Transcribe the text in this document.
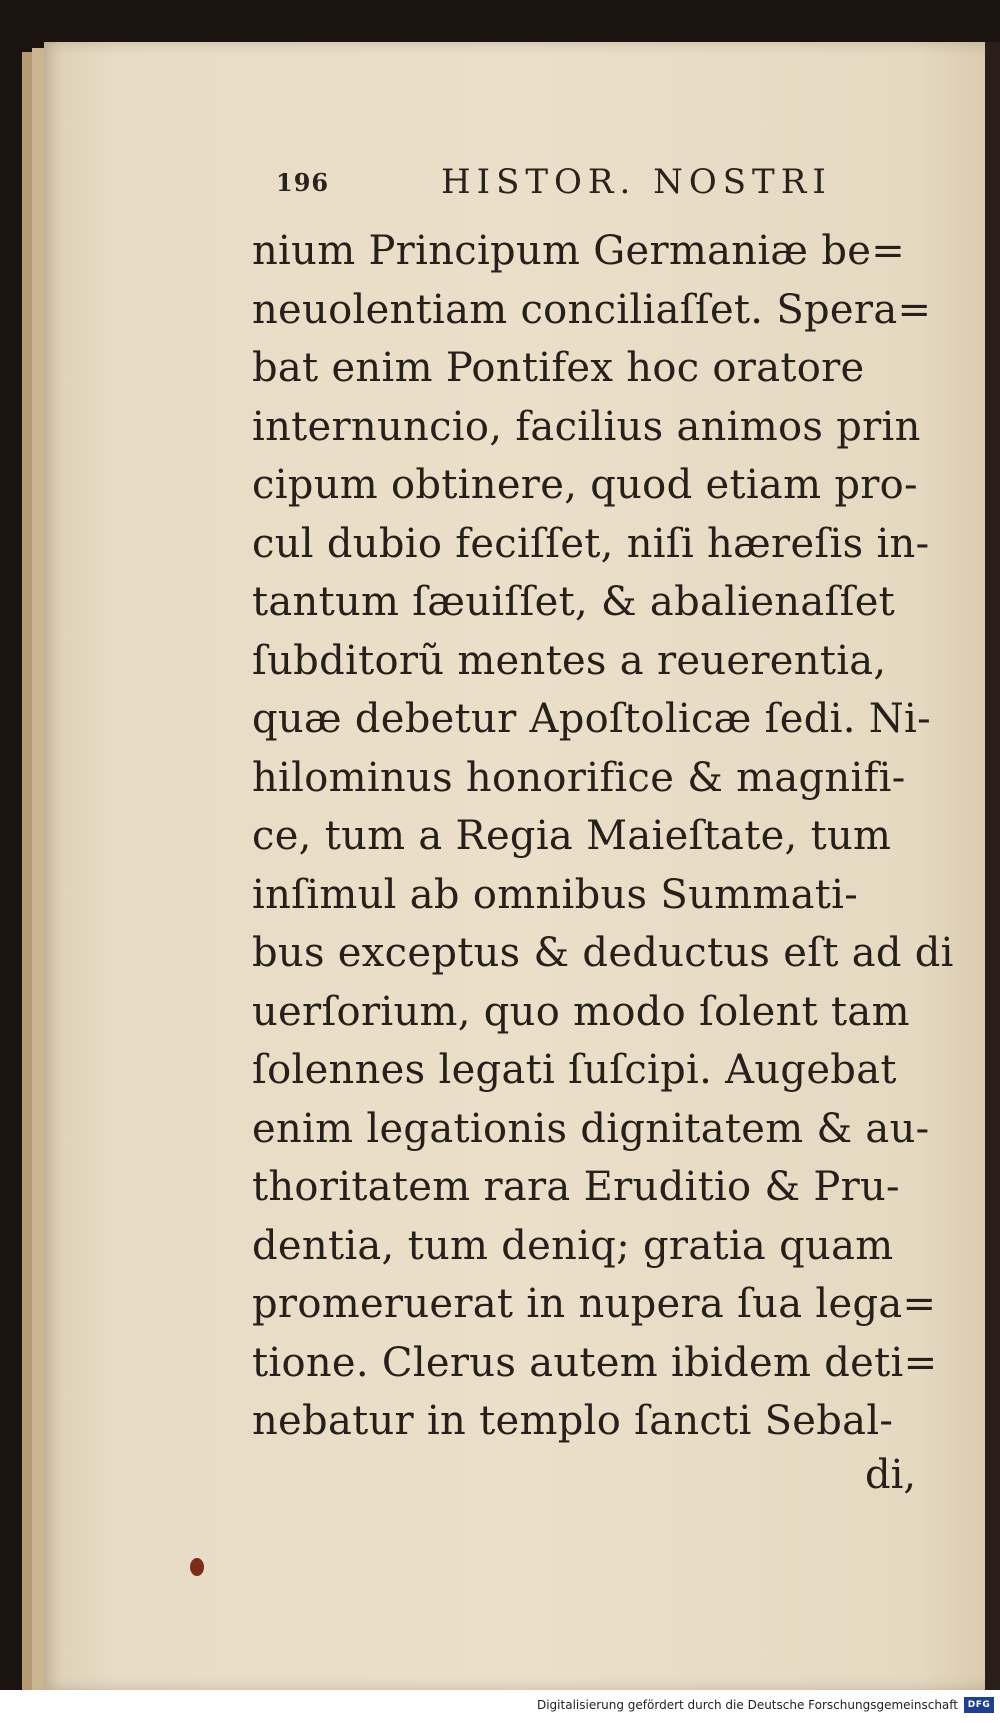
196	HISTOR. NOSTRI
nium Principum Germaniæ be=
neuolentiam conciliaſſet. Spera=
bat enim Pontifex hoc oratore
internuncio, facilius animos prin
cipum obtinere, quod etiam pro-
cul dubio feciſſet, niſi hæreſis in-
tantum ſæuiſſet, & abalienaſſet
ſubditorũ mentes a reuerentia,
quæ debetur Apoſtolicæ ſedi. Ni-
hilominus honorifice & magnifi-
ce, tum a Regia Maieſtate, tum
inſimul ab omnibus Summati-
bus exceptus & deductus eſt ad di
uerſorium, quo modo ſolent tam
ſolennes legati ſuſcipi. Augebat
enim legationis dignitatem & au-
thoritatem rara Eruditio & Pru-
dentia, tum deniq; gratia quam
promeruerat in nupera ſua lega=
tione. Clerus autem ibidem deti=
nebatur in templo ſancti Sebal-
di,
Digitalisierung gefördert durch die Deutsche Forschungsgemeinschaft	DFG
